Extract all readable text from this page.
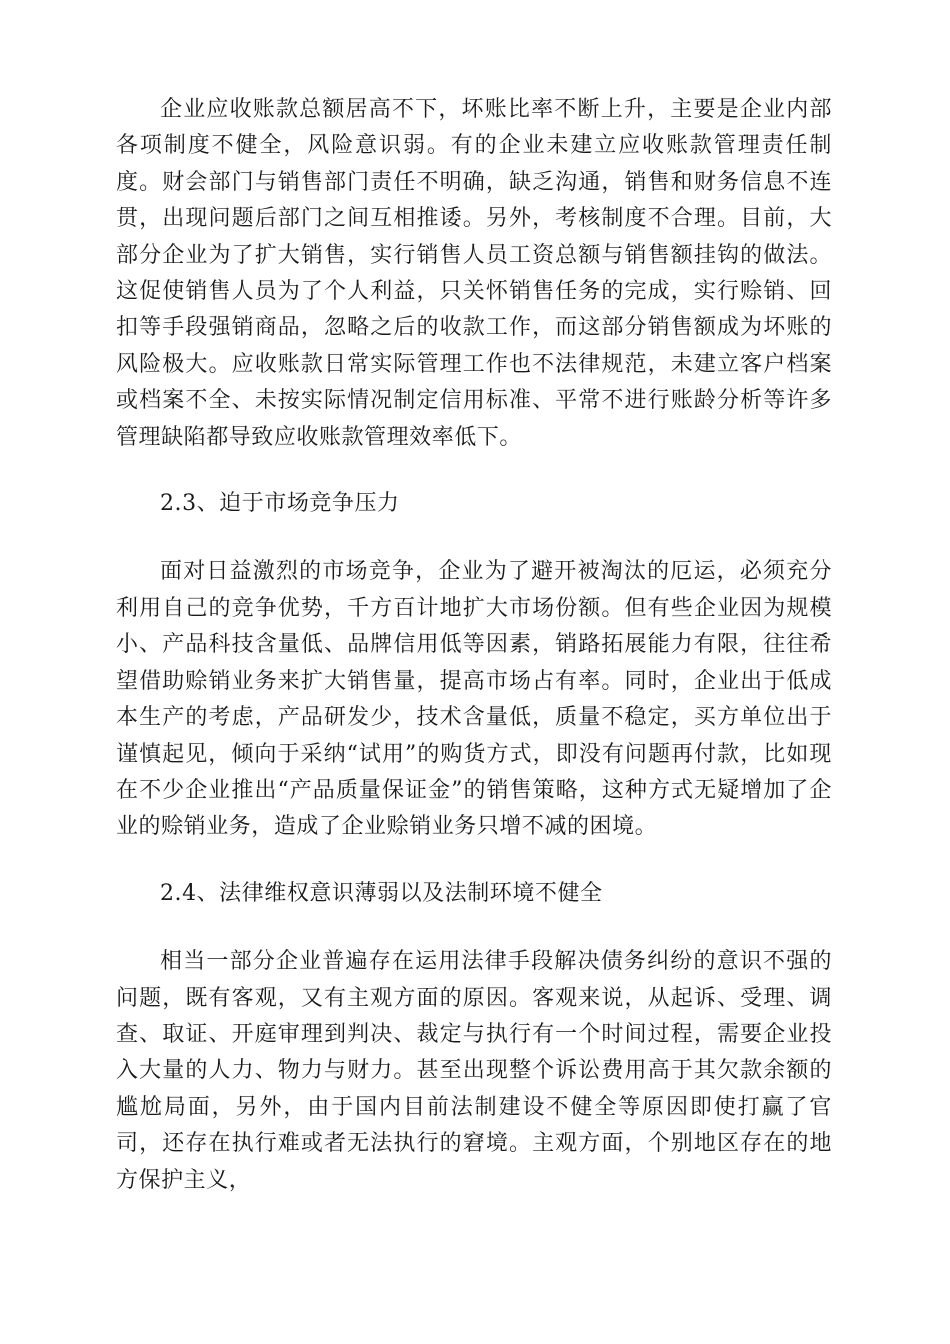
企业应收账款总额居高不下，坏账比率不断上升，主要是企业内部各项制度不健全，风险意识弱。有的企业未建立应收账款管理责任制度。财会部门与销售部门责任不明确，缺乏沟通，销售和财务信息不连贯，出现问题后部门之间互相推诿。另外，考核制度不合理。目前，大部分企业为了扩大销售，实行销售人员工资总额与销售额挂钩的做法。这促使销售人员为了个人利益，只关怀销售任务的完成，实行赊销、回扣等手段强销商品，忽略之后的收款工作，而这部分销售额成为坏账的风险极大。应收账款日常实际管理工作也不法律规范，未建立客户档案或档案不全、未按实际情况制定信用标准、平常不进行账龄分析等许多管理缺陷都导致应收账款管理效率低下。

2.3、迫于市场竞争压力

面对日益激烈的市场竞争，企业为了避开被淘汰的厄运，必须充分利用自己的竞争优势，千方百计地扩大市场份额。但有些企业因为规模小、产品科技含量低、品牌信用低等因素，销路拓展能力有限，往往希望借助赊销业务来扩大销售量，提高市场占有率。同时，企业出于低成本生产的考虑，产品研发少，技术含量低，质量不稳定，买方单位出于谨慎起见，倾向于采纳“试用”的购货方式，即没有问题再付款，比如现在不少企业推出“产品质量保证金”的销售策略，这种方式无疑增加了企业的赊销业务，造成了企业赊销业务只增不减的困境。

2.4、法律维权意识薄弱以及法制环境不健全

相当一部分企业普遍存在运用法律手段解决债务纠纷的意识不强的问题，既有客观，又有主观方面的原因。客观来说，从起诉、受理、调查、取证、开庭审理到判决、裁定与执行有一个时间过程，需要企业投入大量的人力、物力与财力。甚至出现整个诉讼费用高于其欠款余额的尴尬局面，另外，由于国内目前法制建设不健全等原因即使打赢了官司，还存在执行难或者无法执行的窘境。主观方面，个别地区存在的地方保护主义，
